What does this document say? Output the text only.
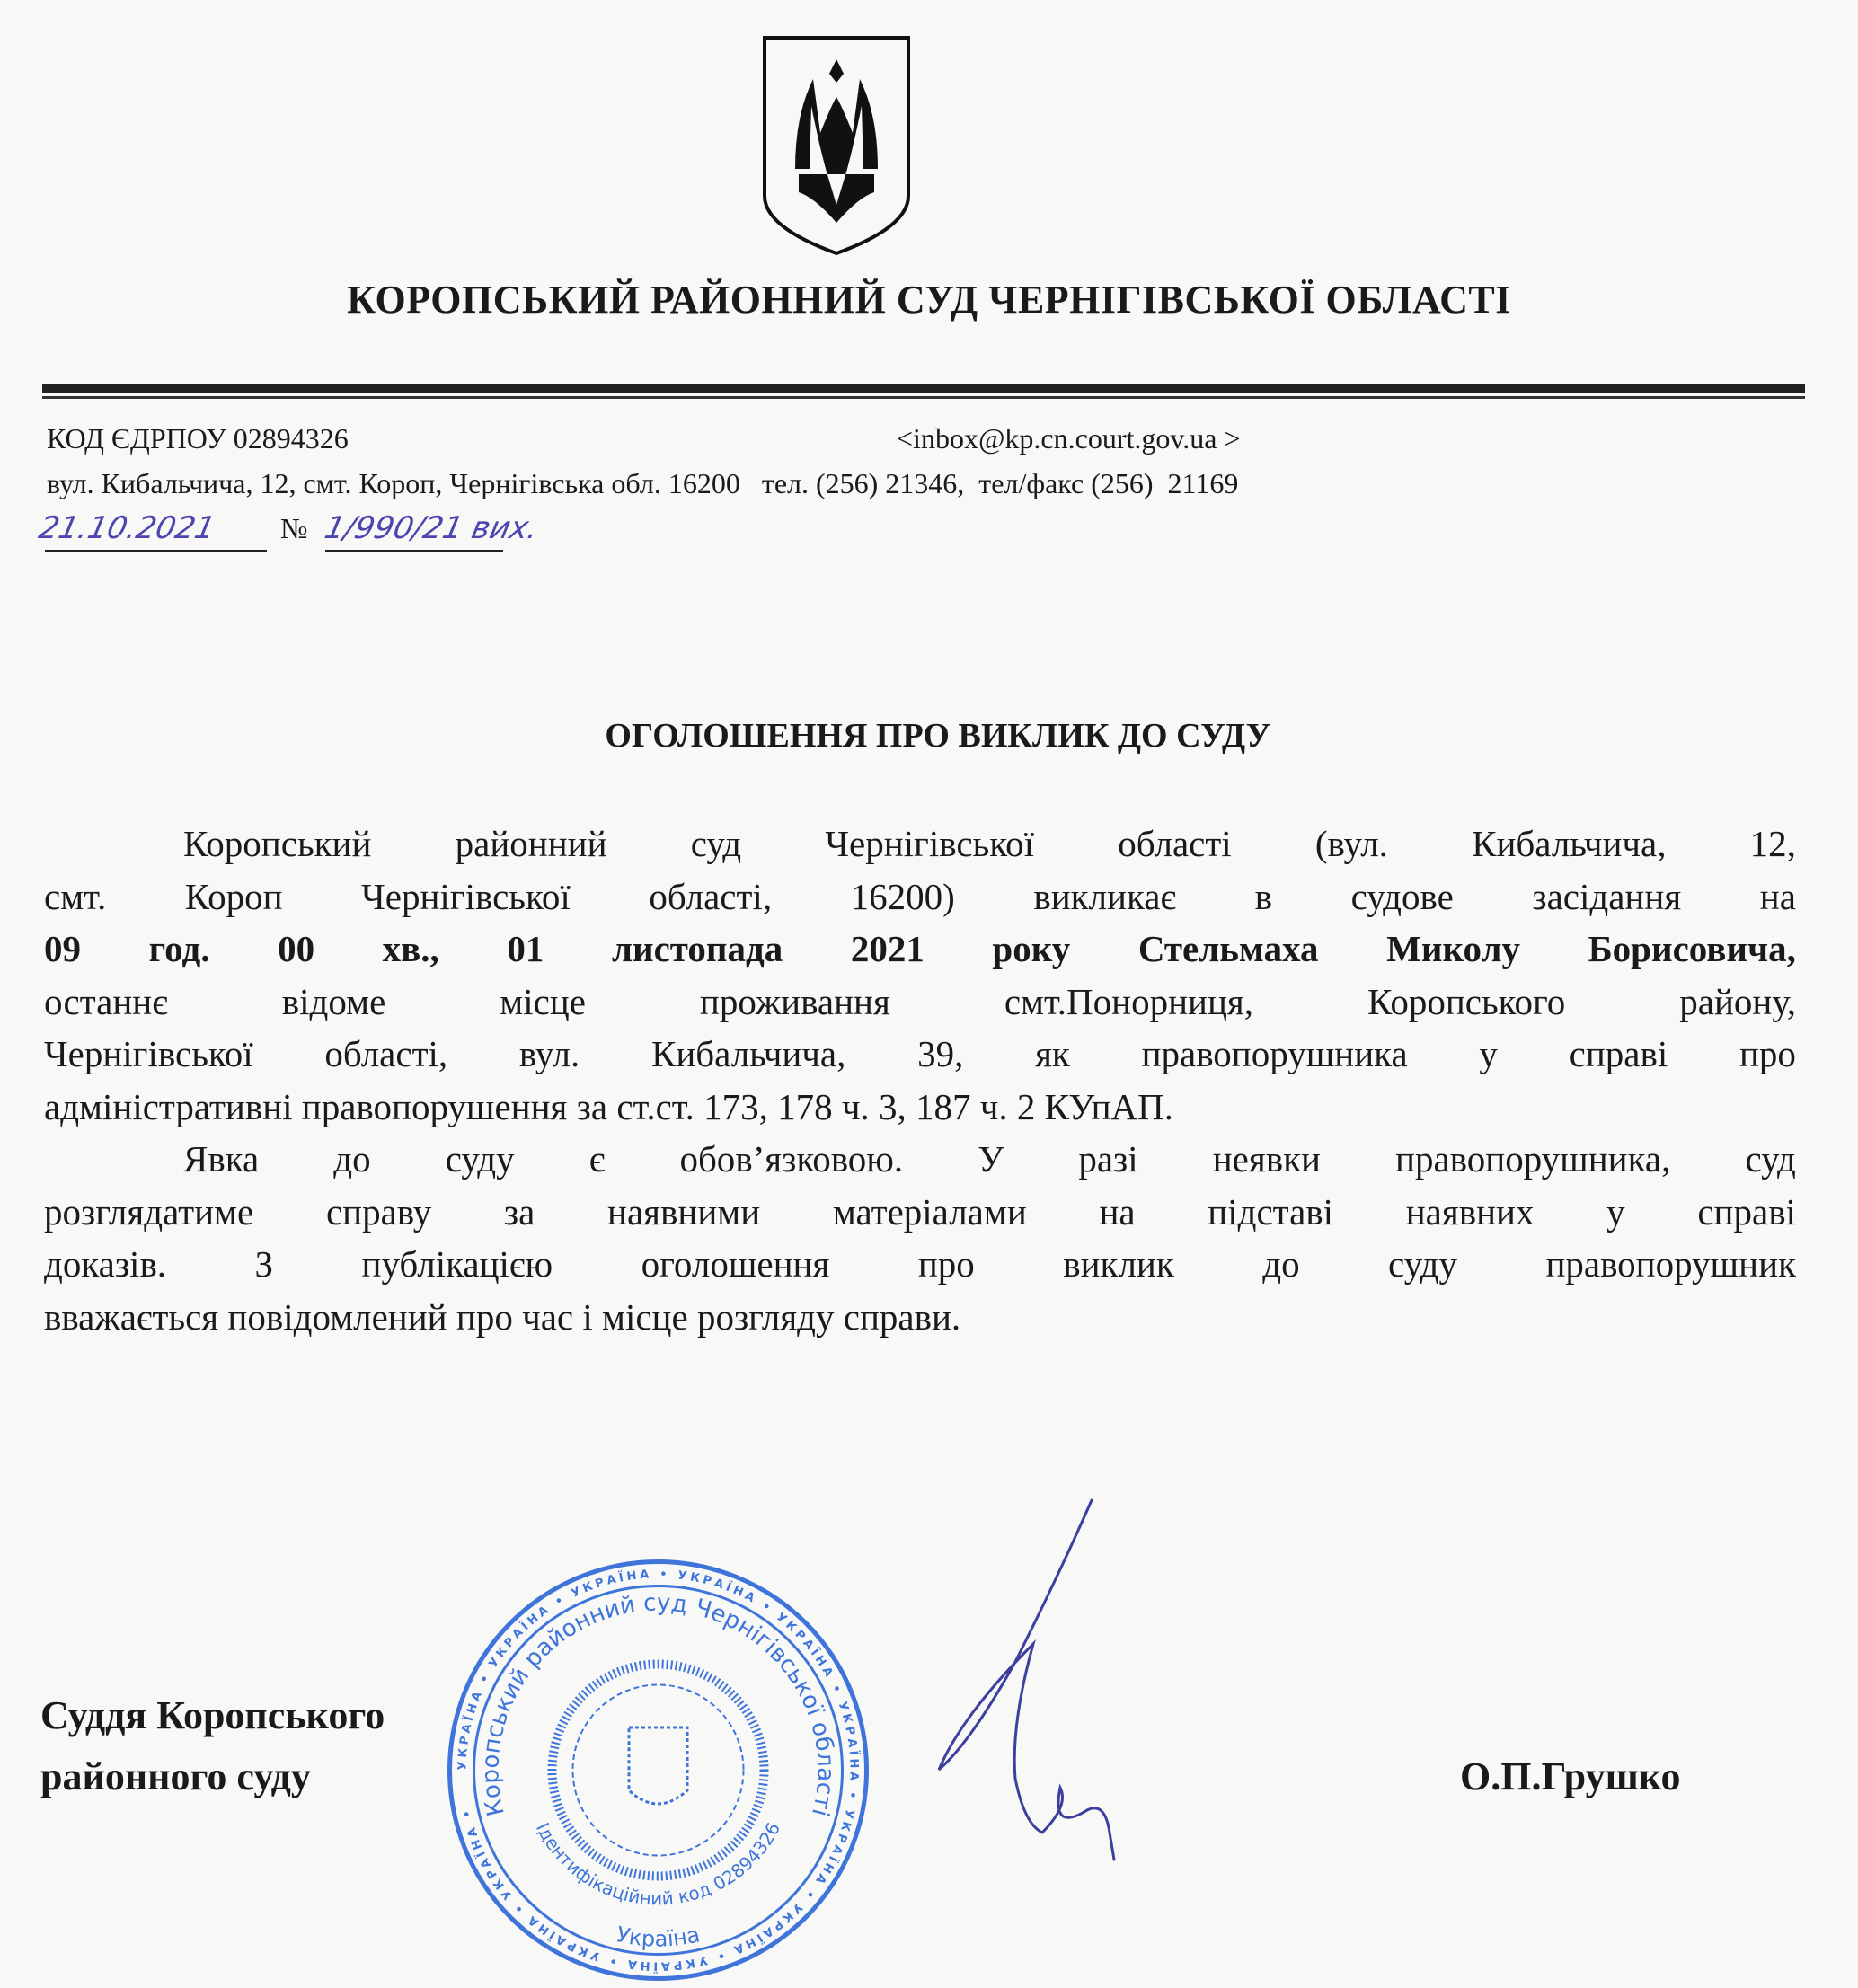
КОРОПСЬКИЙ РАЙОННИЙ СУД ЧЕРНІГІВСЬКОЇ ОБЛАСТІ
КОД ЄДРПОУ 02894326	<inbox@kp.cn.court.gov.ua >
вул. Кибальчича, 12, смт. Короп, Чернігівська обл. 16200   тел. (256) 21346,  тел/факс (256)  21169
21.10.2021 № 1/990/21 вих.
ОГОЛОШЕННЯ ПРО ВИКЛИК ДО СУДУ
Коропський районний суд Чернігівської області (вул. Кибальчича, 12,
смт. Короп Чернігівської області, 16200) викликає в судове засідання на
09 год. 00 хв., 01 листопада 2021 року Стельмаха Миколу Борисовича,
останнє	відоме	місце	проживання	смт.Понорниця,	Коропського	району,
Чернігівської області, вул. Кибальчича, 39, як правопорушника у справі про
адміністративні правопорушення за ст.ст. 173, 178 ч. 3, 187 ч. 2 КУпАП.
Явка до суду є обов’язковою. У разі неявки правопорушника, суд
розглядатиме справу за наявними матеріалами на підставі наявних у справі
доказів. З публікацією оголошення про виклик до суду правопорушник
вважається повідомлений про час і місце розгляду справи.
Суддя Коропського
районного суду	О.П.Грушко
УКРАЇНА • УКРАЇНА • УКРАЇНА • УКРАЇНА • УКРАЇНА • УКРАЇНА • УКРАЇНА • УКРАЇНА • УКРАЇНА • УКРАЇНА • УКРАЇНА • Коропський районний суд Чернігівської області
Ідентифікаційний код 02894326
Україна
